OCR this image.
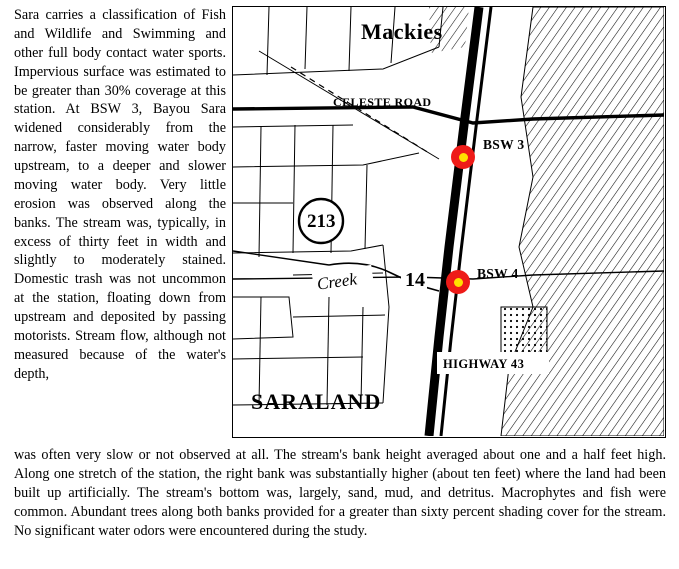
Sara carries a classification of Fish and Wildlife and Swimming and other full body contact water sports. Impervious surface was estimated to be greater than 30% coverage at this station. At BSW 3, Bayou Sara widened considerably from the narrow, faster moving water body upstream, to a deeper and slower moving water body. Very little erosion was observed along the banks. The stream was, typically, in excess of thirty feet in width and slightly to moderately stained. Domestic trash was not uncommon at the station, floating down from upstream and deposited by passing motorists. Stream flow, although not measured because of the water's depth,

Mackies
SARALAND
CELESTE ROAD
HIGHWAY 43
Creek 14
213
BSW 3
BSW 4

was often very slow or not observed at all. The stream's bank height averaged about one and a half feet high. Along one stretch of the station, the right bank was substantially higher (about ten feet) where the land had been built up artificially. The stream's bottom was, largely, sand, mud, and detritus. Macrophytes and fish were common. Abundant trees along both banks provided for a greater than sixty percent shading cover for the stream. No significant water odors were encountered during the study.
